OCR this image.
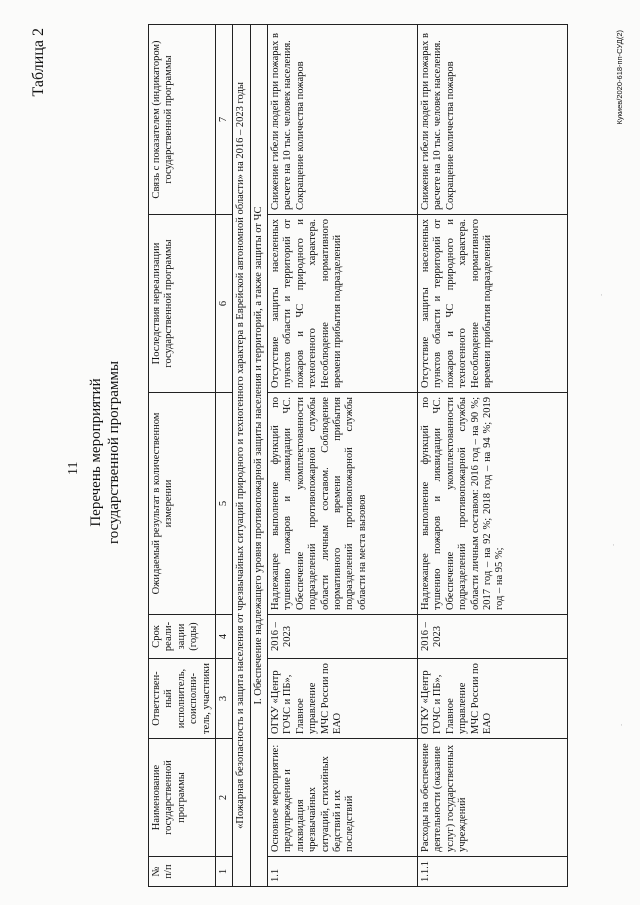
11
Таблица 2
Перечень мероприятий государственной программы
№ п/п	Наименование государственной программы	Ответствен-ный исполнитель, соисполни-тель, участники	Срок реали-зации (годы)	Ожидаемый результат в количественном измерении	Последствия нереализации государственной программы	Связь с показателем (индикатором) государственной программы
1	2	3	4	5	6	7
«Пожарная безопасность и защита населения от чрезвычайных ситуаций природного и техногенного характера в Еврейской автономной области» на 2016 – 2023 годы						
I. Обеспечение надлежащего уровня противопожарной защиты населения и территорий, а также защиты от ЧС						
1.1	Основное мероприятие: предупреждение и ликвидация чрезвычайных ситуаций, стихийных бедствий и их последствий	ОГКУ «Центр ГОЧС и ПБ», Главное управление МЧС России по ЕАО	2016 – 2023	Надлежащее выполнение функций по тушению пожаров и ликвидации ЧС. Обеспечение укомплектованности подразделений противопожарной службы области личным составом. Соблюдение нормативного времени прибытия подразделений противопожарной службы области на места вызовов	Отсутствие защиты населенных пунктов области и территорий от пожаров и ЧС природного и техногенного характера. Несоблюдение нормативного времени прибытия подразделений	Снижение гибели людей при пожарах в расчете на 10 тыс. человек населения. Сокращение количества пожаров
1.1.1	Расходы на обеспечение деятельности (оказание услуг) государственных учреждений	ОГКУ «Центр ГОЧС и ПБ», Главное управление МЧС России по ЕАО	2016 – 2023	Надлежащее выполнение функций по тушению пожаров и ликвидации ЧС. Обеспечение укомплектованности подразделений противопожарной службы области личным составом: 2016 год – на 90 %; 2017 год – на 92 %; 2018 год – на 94 %; 2019 год – на 95 %;	Отсутствие защиты населенных пунктов области и территорий от пожаров и ЧС природного и техногенного характера. Несоблюдение нормативного времени прибытия подразделений	Снижение гибели людей при пожарах в расчете на 10 тыс. человек населения. Сокращение количества пожаров	Кукиев/2020-618-пп-СУД(2)
·
·
·
